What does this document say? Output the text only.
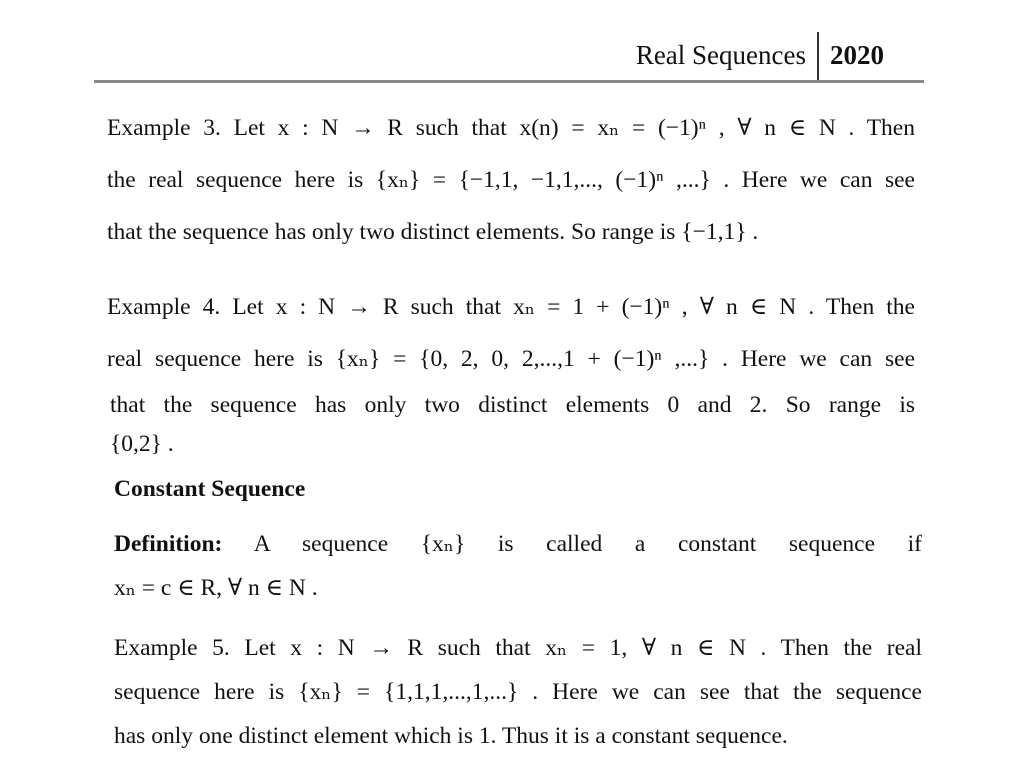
Real Sequences 2020
Example 3. Let x : N → R such that x(n) = xₙ = (−1)ⁿ , ∀ n ∈ N . Then
the real sequence here is {xₙ} = {−1,1, −1,1,..., (−1)ⁿ ,...} . Here we can see
that the sequence has only two distinct elements. So range is {−1,1} .
Example 4. Let x : N → R such that xₙ = 1 + (−1)ⁿ , ∀ n ∈ N . Then the
real sequence here is {xₙ} = {0, 2, 0, 2,...,1 + (−1)ⁿ ,...} . Here we can see
that the sequence has only two distinct elements 0 and 2. So range is
{0,2} .
Constant Sequence
Definition: A sequence {xₙ} is called a constant sequence if
xₙ = c ∈ R, ∀ n ∈ N .
Example 5. Let x : N → R such that xₙ = 1, ∀ n ∈ N . Then the real
sequence here is {xₙ} = {1,1,1,...,1,...} . Here we can see that the sequence
has only one distinct element which is 1. Thus it is a constant sequence.
